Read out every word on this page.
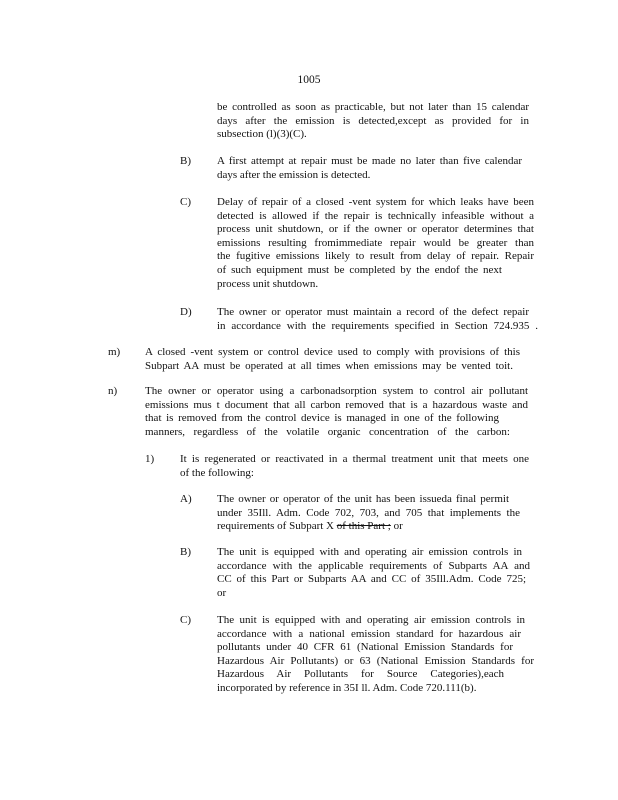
1005
be controlled as soon as practicable, but not later than 15 calendar
days after the emission is detected,except as provided for in
subsection (l)(3)(C).
B) A first attempt at repair must be made no later than five calendar
days after the emission is detected.
C) Delay of repair of a closed -vent system for which leaks have been
detected is allowed if the repair is technically infeasible without a
process unit shutdown, or if the owner or operator determines that
emissions resulting fromimmediate repair would be greater than
the fugitive emissions likely to result from delay of repair. Repair
of such equipment must be completed by the endof the next
process unit shutdown.
D) The owner or operator must maintain a record of the defect repair
in accordance with the requirements specified in Section 724.935 .
m) A closed -vent system or control device used to comply with provisions of this
Subpart AA must be operated at all times when emissions may be vented toit.
n)	The owner or operator using a carbonadsorption system to control air pollutant
emissions mus t document that all carbon removed that is a hazardous waste and
that is removed from the control device is managed in one of the following
manners, regardless of the volatile organic concentration of the carbon:
1) It is regenerated or reactivated in a thermal treatment unit that meets one
of the following:
A) The owner or operator of the unit has been issueda final permit
under 35Ill. Adm. Code 702, 703, and 705 that implements the
requirements of Subpart X of this Part ; or
B) The unit is equipped with and operating air emission controls in
accordance with the applicable requirements of Subparts AA and
CC of this Part or Subparts AA and CC of 35Ill.Adm. Code 725;
or
C) The unit is equipped with and operating air emission controls in
accordance with a national emission standard for hazardous air
pollutants under 40 CFR 61 (National Emission Standards for
Hazardous Air Pollutants) or 63 (National Emission Standards for
Hazardous Air Pollutants for Source Categories),each
incorporated by reference in 35I ll. Adm. Code 720.111(b).
